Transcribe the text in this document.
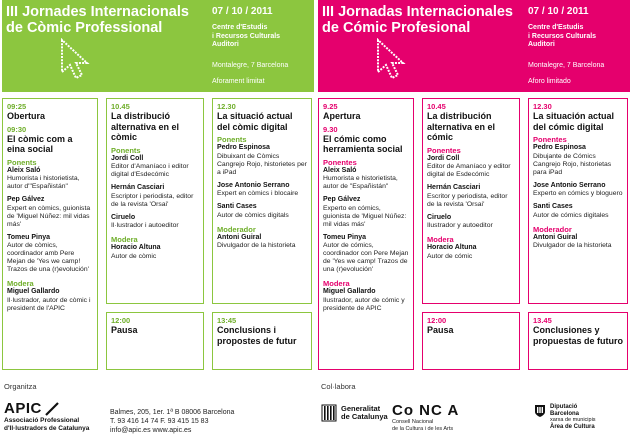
III Jornades Internacionals
de Còmic Professional
07 / 10 / 2011
Centre d'Estudis
i Recursos Culturals
Auditori
Montalegre, 7 Barcelona
Aforament limitat
09:25
Obertura
09:30
El còmic com a eina social
Ponents
Aleix Saló
Humorista i historietista, autor d'"Españistán"
Pep Gálvez
Expert en còmics, guionista de 'Miguel Núñez: mil vidas más'
Tomeu Pinya
Autor de còmics, coordinador amb Pere Mejan de 'Yes we camp! Trazos de una (r)evolución'
Modera
Miguel Gallardo
Il·lustrador, autor de còmic i president de l'APIC
10.45
La distribució alternativa en el còmic
Ponents
Jordi Coll
Editor d'Amaníaco i editor digital d'Esdecómic
Hernán Casciari
Escriptor i periodista, editor de la revista 'Orsai'
Ciruelo
Il·lustrador i autoeditor
Modera
Horacio Altuna
Autor de còmic
12:00
Pausa
12.30
La situació actual del còmic digital
Ponents
Pedro Espinosa
Dibuixant de Còmics Cangrejo Rojo, historietes per a iPad
Jose Antonio Serrano
Expert en còmics i blocaire
Santi Cases
Autor de còmics digitals
Moderador
Antoni Guiral
Divulgador de la historieta
13:45
Conclusions i propostes de futur
III Jornadas Internacionales
de Cómic Profesional
07 / 10 / 2011
Centre d'Estudis
i Recursos Culturals
Auditori
Montalegre, 7 Barcelona
Aforo limitado
9.25
Apertura
9.30
El cómic como herramienta social
Ponentes
Aleix Saló
Humorista e historietista, autor de "Españistán"
Pep Gálvez
Experto en cómics, guionista de 'Miguel Núñez: mil vidas más'
Tomeu Pinya
Autor de cómics, coordinador con Pere Mejan de 'Yes we camp! Trazos de una (r)evolución'
Modera
Miguel Gallardo
Ilustrador, autor de cómic y presidente de APIC
10.45
La distribución alternativa en el cómic
Ponentes
Jordi Coll
Editor de Amaníaco y editor digital de Esdecómic
Hernán Casciari
Escritor y periodista, editor de la revista 'Orsai'
Ciruelo
Ilustrador y autoeditor
Modera
Horacio Altuna
Autor de cómic
12:00
Pausa
12.30
La situación actual del cómic digital
Ponentes
Pedro Espinosa
Dibujante de Cómics Cangrejo Rojo, historietas para iPad
Jose Antonio Serrano
Experto en cómics y bloguero
Santi Cases
Autor de cómics digitales
Moderador
Antoni Guiral
Divulgador de la historieta
13.45
Conclusiones y propuestas de futuro
Organitza	Col·labora
APIC
Associació Professional
d'Il·lustradors de Catalunya
Balmes, 205, 1er. 1ª B 08006 Barcelona
T. 93 416 14 74 F. 93 415 15 83
info@apic.es www.apic.es
Generalitat
de Catalunya Co NC A
Consell Nacional
de la Cultura i de les Arts
Diputació
Barcelona
xarxa de municipis
Àrea de Cultura
